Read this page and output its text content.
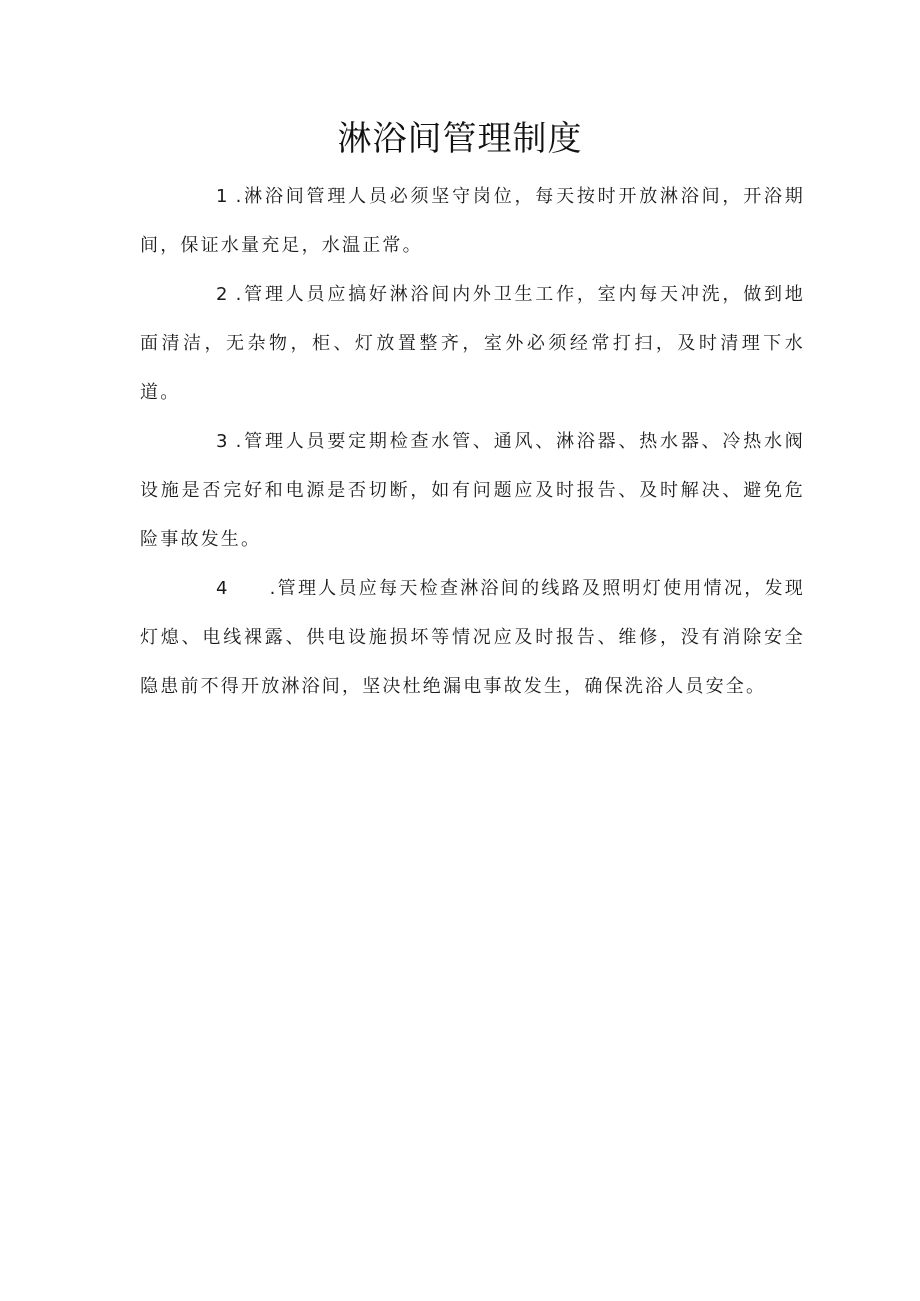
淋浴间管理制度

1 .淋浴间管理人员必须坚守岗位，每天按时开放淋浴间，开浴期间，保证水量充足，水温正常。

2 .管理人员应搞好淋浴间内外卫生工作，室内每天冲洗，做到地面清洁，无杂物，柜、灯放置整齐，室外必须经常打扫，及时清理下水道。

3 .管理人员要定期检查水管、通风、淋浴器、热水器、冷热水阀设施是否完好和电源是否切断，如有问题应及时报告、及时解决、避免危险事故发生。

4 .管理人员应每天检查淋浴间的线路及照明灯使用情况，发现灯熄、电线裸露、供电设施损坏等情况应及时报告、维修，没有消除安全隐患前不得开放淋浴间，坚决杜绝漏电事故发生，确保洗浴人员安全。
